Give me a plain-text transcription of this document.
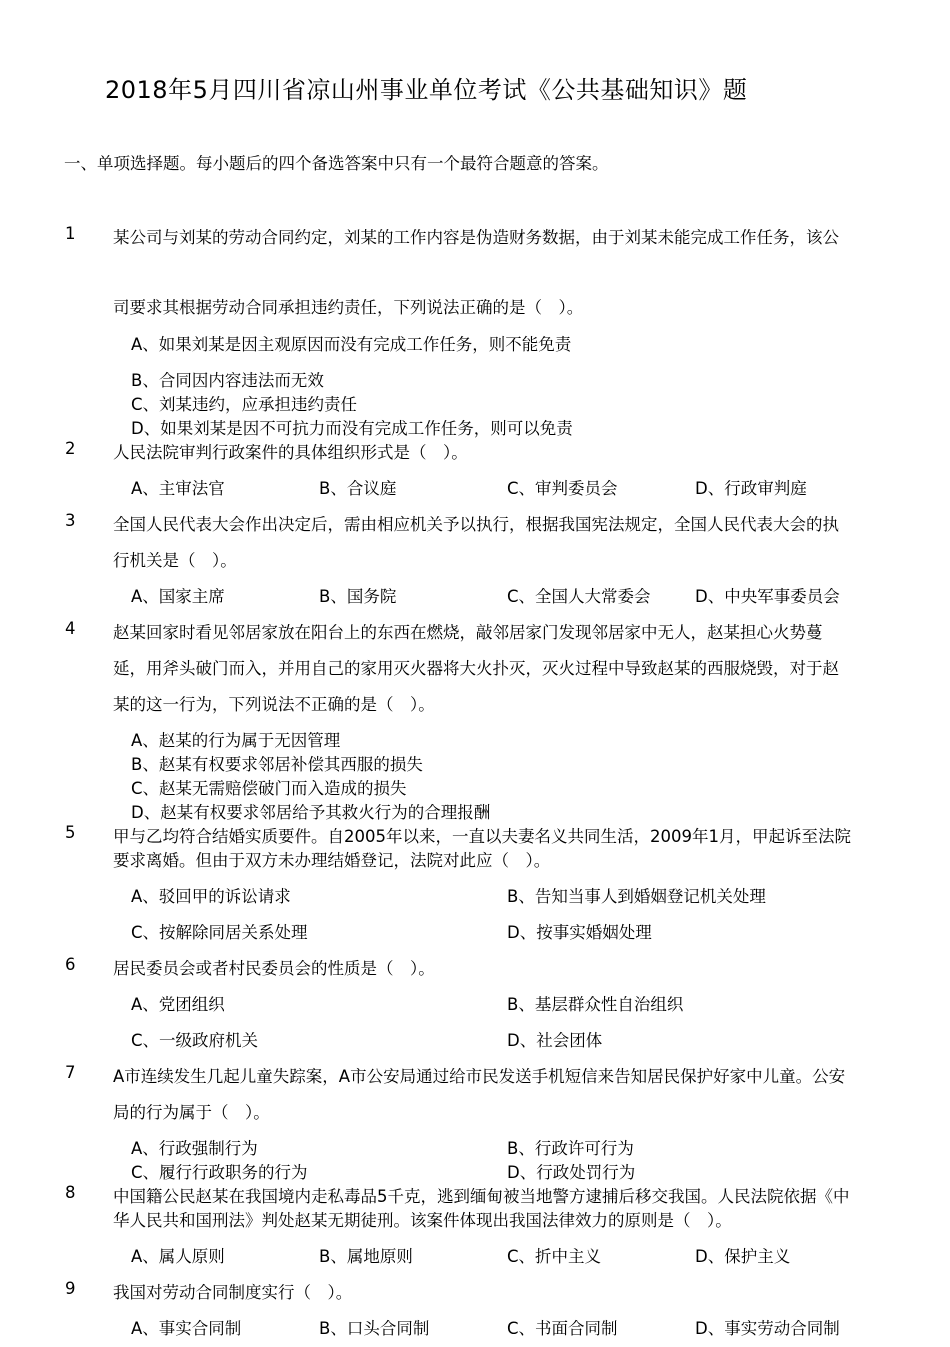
2018年5月四川省凉山州事业单位考试《公共基础知识》题
一、单项选择题。每小题后的四个备选答案中只有一个最符合题意的答案。
1	某公司与刘某的劳动合同约定，刘某的工作内容是伪造财务数据，由于刘某未能完成工作任务，该公
司要求其根据劳动合同承担违约责任，下列说法正确的是（　）。
A、如果刘某是因主观原因而没有完成工作任务，则不能免责
B、合同因内容违法而无效
C、刘某违约，应承担违约责任
D、如果刘某是因不可抗力而没有完成工作任务，则可以免责
2	人民法院审判行政案件的具体组织形式是（　）。
A、主审法官	B、合议庭	C、审判委员会	D、行政审判庭
3	全国人民代表大会作出决定后，需由相应机关予以执行，根据我国宪法规定，全国人民代表大会的执
行机关是（　）。
A、国家主席	B、国务院	C、全国人大常委会	D、中央军事委员会
4	赵某回家时看见邻居家放在阳台上的东西在燃烧，敲邻居家门发现邻居家中无人，赵某担心火势蔓
延，用斧头破门而入，并用自己的家用灭火器将大火扑灭，灭火过程中导致赵某的西服烧毁，对于赵
某的这一行为，下列说法不正确的是（　）。
A、赵某的行为属于无因管理
B、赵某有权要求邻居补偿其西服的损失
C、赵某无需赔偿破门而入造成的损失
D、赵某有权要求邻居给予其救火行为的合理报酬
5	甲与乙均符合结婚实质要件。自2005年以来，一直以夫妻名义共同生活，2009年1月，甲起诉至法院
要求离婚。但由于双方未办理结婚登记，法院对此应（　）。
A、驳回甲的诉讼请求	B、告知当事人到婚姻登记机关处理
C、按解除同居关系处理	D、按事实婚姻处理
6	居民委员会或者村民委员会的性质是（　）。
A、党团组织	B、基层群众性自治组织
C、一级政府机关	D、社会团体
7	A市连续发生几起儿童失踪案，A市公安局通过给市民发送手机短信来告知居民保护好家中儿童。公安
局的行为属于（　）。
A、行政强制行为	B、行政许可行为
C、履行行政职务的行为	D、行政处罚行为
8	中国籍公民赵某在我国境内走私毒品5千克，逃到缅甸被当地警方逮捕后移交我国。人民法院依据《中
华人民共和国刑法》判处赵某无期徒刑。该案件体现出我国法律效力的原则是（　）。
A、属人原则	B、属地原则	C、折中主义	D、保护主义
9	我国对劳动合同制度实行（　）。
A、事实合同制	B、口头合同制	C、书面合同制	D、事实劳动合同制
